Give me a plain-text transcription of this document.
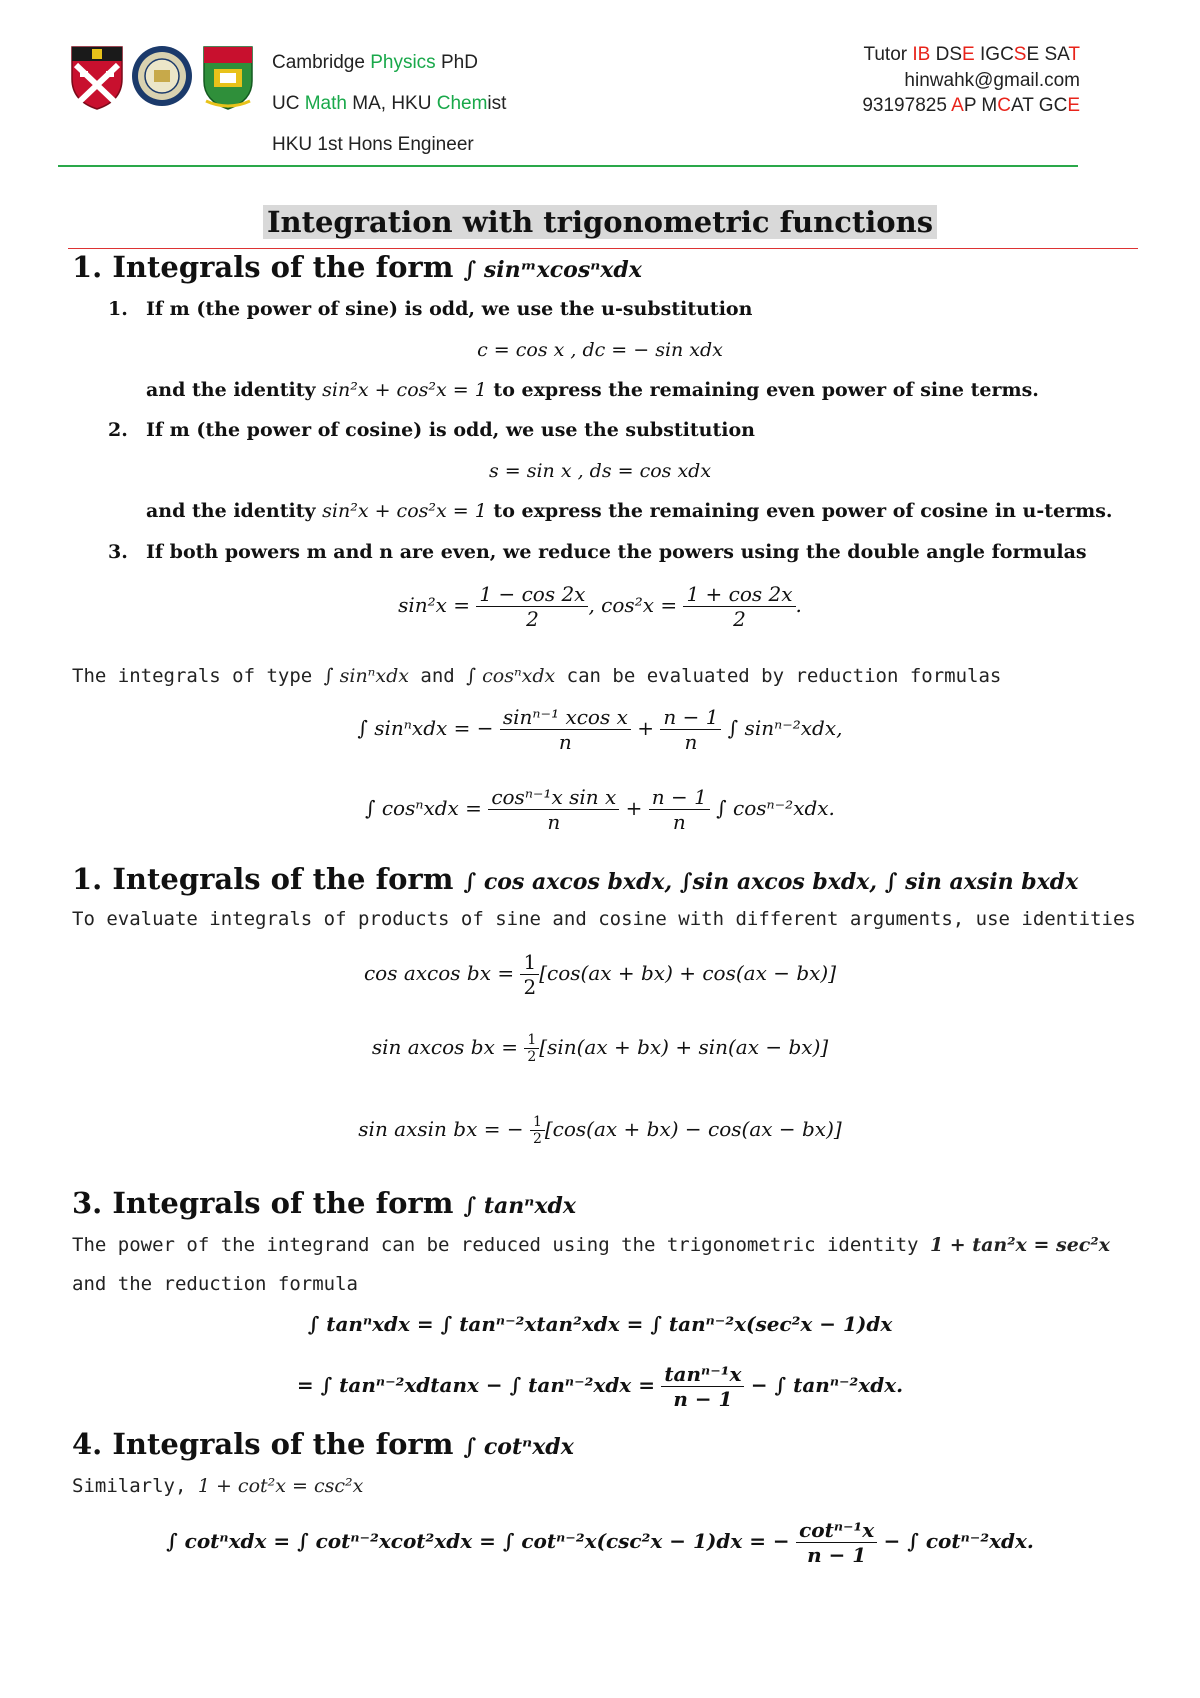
Cambridge Physics PhD
UC Math MA, HKU Chemist
HKU 1st Hons Engineer
Tutor IB DSE IGCSE SAT
hinwahk@gmail.com
93197825 AP MCAT GCE
Integration with trigonometric functions
1. Integrals of the form ∫ sinᵐxcosⁿxdx
1. If m (the power of sine) is odd, we use the u-substitution
c = cos x , dc = − sin xdx
and the identity sin²x + cos²x = 1 to express the remaining even power of sine terms.
2. If m (the power of cosine) is odd, we use the substitution
s = sin x , ds = cos xdx
and the identity sin²x + cos²x = 1 to express the remaining even power of cosine in u-terms.
3. If both powers m and n are even, we reduce the powers using the double angle formulas
$\sin^2x = \frac{1 - \cos 2x}{2}$ , $\cos^2x = \frac{1 + \cos 2x}{2}$ .
The integrals of type ∫ sinⁿxdx and ∫ cosⁿxdx can be evaluated by reduction formulas
∫ sinⁿxdx = − $\frac{\text{sinⁿ⁻¹ xcos x}}{n} + \frac{n - 1}{n}$ ∫ sinⁿ⁻²xdx,
∫ $\cos^nxdx = \frac{\text{cosⁿ⁻¹x sin x}}{n} + \frac{n - 1}{n}$ ∫ cosⁿ⁻²xdx.
1. Integrals of the form ∫ cos axcos bxdx, ∫sin axcos bxdx, ∫ sin axsin bxdx
To evaluate integrals of products of sine and cosine with different arguments, use identities
cos axcos bx = $\frac{1}{2} [\cos(ax + bx) + \cos(ax - bx)]$
sin axcos bx = $\frac{1}{2} [\sin(ax + bx) + \sin(ax - bx)]$
sin axsin bx = − $\frac{1}{2} [\cos(ax + bx) - \cos(ax - bx)]$
3. Integrals of the form ∫ tanⁿxdx
The power of the integrand can be reduced using the trigonometric identity 1 + tan²x = sec²x
and the reduction formula
∫ tanⁿxdx = ∫ tanⁿ⁻²xtan²xdx = ∫ tanⁿ⁻²x(sec²x − 1)dx
= ∫ tanⁿ⁻²xdtanx − ∫ $\tan^{n-2}xdx = \frac{\text{tanⁿ⁻¹x}}{n - 1}$ − ∫ tanⁿ⁻²xdx.
4. Integrals of the form ∫ cotⁿxdx
Similarly, 1 + cot²x = csc²x
∫ cotⁿxdx = ∫ cotⁿ⁻²xcot²xdx = ∫ cotⁿ⁻²x(csc²x − 1)dx = − $\frac{\text{cotⁿ⁻¹x}}{n - 1}$ − ∫ cotⁿ⁻²xdx.
